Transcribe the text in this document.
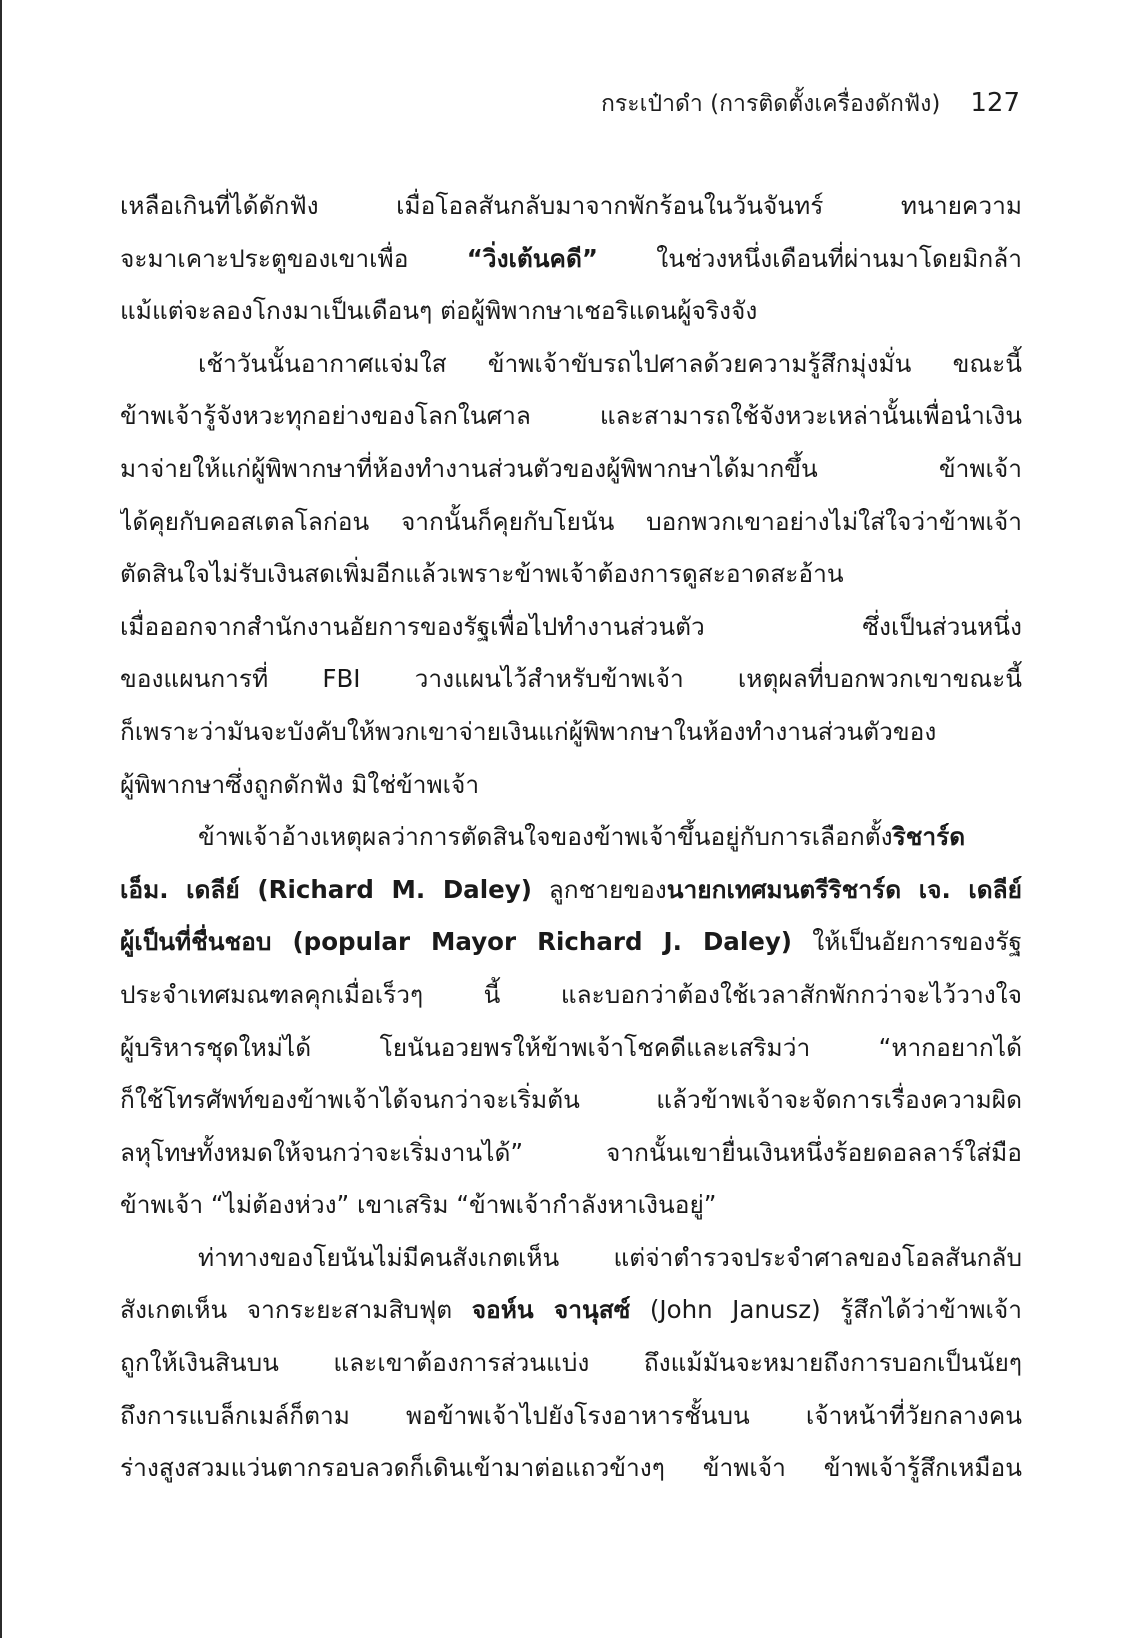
กระเป๋าดำ (การติดตั้งเครื่องดักฟัง) 127
เหลือเกินที่ได้ดักฟัง เมื่อโอลสันกลับมาจากพักร้อนในวันจันทร์ ทนายความ
จะมาเคาะประตูของเขาเพื่อ “วิ่งเต้นคดี” ในช่วงหนึ่งเดือนที่ผ่านมาโดยมิกล้า
แม้แต่จะลองโกงมาเป็นเดือนๆ ต่อผู้พิพากษาเชอริแดนผู้จริงจัง
เช้าวันนั้นอากาศแจ่มใส ข้าพเจ้าขับรถไปศาลด้วยความรู้สึกมุ่งมั่น ขณะนี้
ข้าพเจ้ารู้จังหวะทุกอย่างของโลกในศาล และสามารถใช้จังหวะเหล่านั้นเพื่อนำเงิน
มาจ่ายให้แก่ผู้พิพากษาที่ห้องทำงานส่วนตัวของผู้พิพากษาได้มากขึ้น ข้าพเจ้า
ได้คุยกับคอสเตลโลก่อน จากนั้นก็คุยกับโยนัน บอกพวกเขาอย่างไม่ใส่ใจว่าข้าพเจ้า
ตัดสินใจไม่รับเงินสดเพิ่มอีกแล้วเพราะข้าพเจ้าต้องการดูสะอาดสะอ้าน
เมื่อออกจากสำนักงานอัยการของรัฐเพื่อไปทำงานส่วนตัว ซึ่งเป็นส่วนหนึ่ง
ของแผนการที่ FBI วางแผนไว้สำหรับข้าพเจ้า เหตุผลที่บอกพวกเขาขณะนี้
ก็เพราะว่ามันจะบังคับให้พวกเขาจ่ายเงินแก่ผู้พิพากษาในห้องทำงานส่วนตัวของ
ผู้พิพากษาซึ่งถูกดักฟัง มิใช่ข้าพเจ้า
ข้าพเจ้าอ้างเหตุผลว่าการตัดสินใจของข้าพเจ้าขึ้นอยู่กับการเลือกตั้งริชาร์ด
เอ็ม. เดลีย์ (Richard M. Daley) ลูกชายของนายกเทศมนตรีริชาร์ด เจ. เดลีย์
ผู้เป็นที่ชื่นชอบ (popular Mayor Richard J. Daley) ให้เป็นอัยการของรัฐ
ประจำเทศมณฑลคุกเมื่อเร็วๆ นี้ และบอกว่าต้องใช้เวลาสักพักกว่าจะไว้วางใจ
ผู้บริหารชุดใหม่ได้ โยนันอวยพรให้ข้าพเจ้าโชคดีและเสริมว่า “หากอยากได้
ก็ใช้โทรศัพท์ของข้าพเจ้าได้จนกว่าจะเริ่มต้น แล้วข้าพเจ้าจะจัดการเรื่องความผิด
ลหุโทษทั้งหมดให้จนกว่าจะเริ่มงานได้” จากนั้นเขายื่นเงินหนึ่งร้อยดอลลาร์ใส่มือ
ข้าพเจ้า “ไม่ต้องห่วง” เขาเสริม “ข้าพเจ้ากำลังหาเงินอยู่”
ท่าทางของโยนันไม่มีคนสังเกตเห็น แต่จ่าตำรวจประจำศาลของโอลสันกลับ
สังเกตเห็น จากระยะสามสิบฟุต จอห์น จานุสซ์ (John Janusz) รู้สึกได้ว่าข้าพเจ้า
ถูกให้เงินสินบน และเขาต้องการส่วนแบ่ง ถึงแม้มันจะหมายถึงการบอกเป็นนัยๆ
ถึงการแบล็กเมล์ก็ตาม พอข้าพเจ้าไปยังโรงอาหารชั้นบน เจ้าหน้าที่วัยกลางคน
ร่างสูงสวมแว่นตากรอบลวดก็เดินเข้ามาต่อแถวข้างๆ ข้าพเจ้า ข้าพเจ้ารู้สึกเหมือน
